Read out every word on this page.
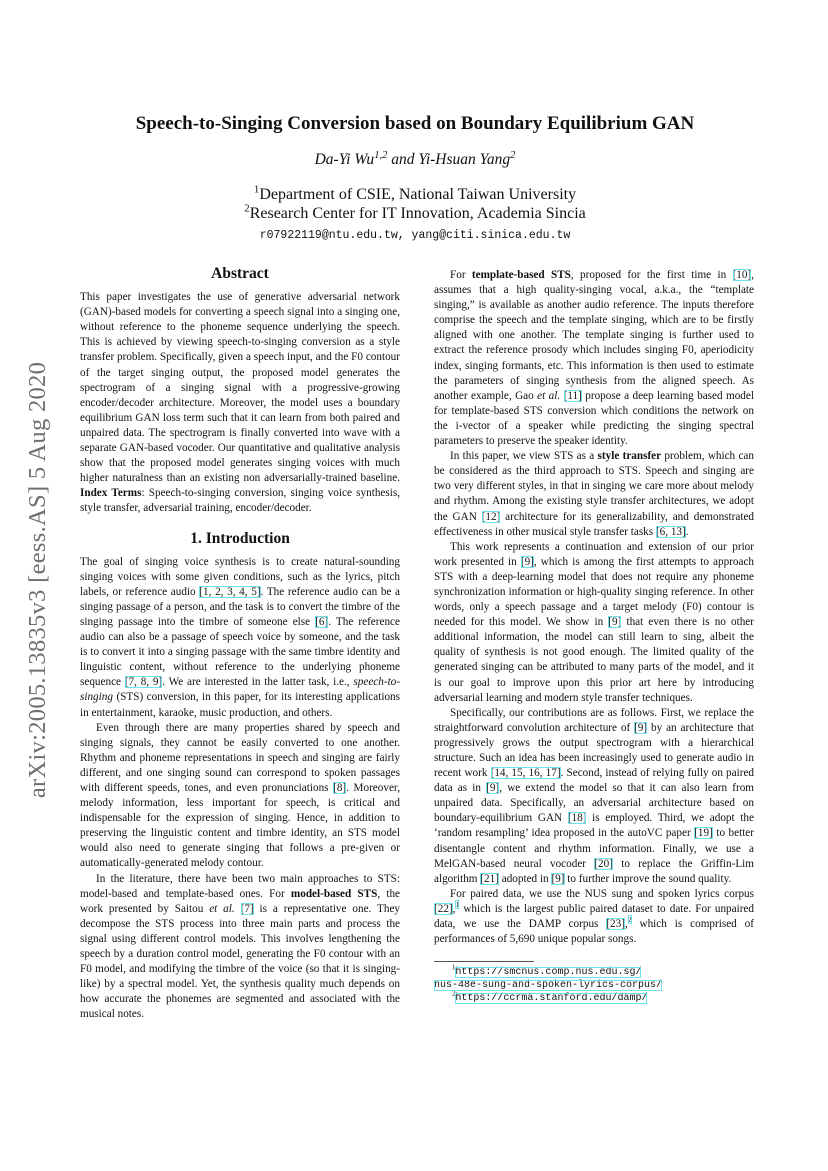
arXiv:2005.13835v3 [eess.AS] 5 Aug 2020
Speech-to-Singing Conversion based on Boundary Equilibrium GAN
Da-Yi Wu$^{1,2}$ and Yi-Hsuan Yang$^2$
$^1$Department of CSIE, National Taiwan University
$^2$Research Center for IT Innovation, Academia Sincia
r07922119@ntu.edu.tw, yang@citi.sinica.edu.tw
Abstract

This paper investigates the use of generative adversarial network (GAN)-based models for converting a speech signal into a singing one, without reference to the phoneme sequence underlying the speech. This is achieved by viewing speech-to-singing conversion as a style transfer problem. Specifically, given a speech input, and the F0 contour of the target singing output, the proposed model generates the spectrogram of a singing signal with a progressive-growing encoder/decoder architecture. Moreover, the model uses a boundary equilibrium GAN loss term such that it can learn from both paired and unpaired data. The spectrogram is finally converted into wave with a separate GAN-based vocoder. Our quantitative and qualitative analysis show that the proposed model generates singing voices with much higher naturalness than an existing non adversarially-trained baseline. Index Terms: Speech-to-singing conversion, singing voice synthesis, style transfer, adversarial training, encoder/decoder.

1. Introduction

The goal of singing voice synthesis is to create natural-sounding singing voices with some given conditions, such as the lyrics, pitch labels, or reference audio [1, 2, 3, 4, 5]. The reference audio can be a singing passage of a person, and the task is to convert the timbre of the singing passage into the timbre of someone else [6]. The reference audio can also be a passage of speech voice by someone, and the task is to convert it into a singing passage with the same timbre identity and linguistic content, without reference to the underlying phoneme sequence [7, 8, 9]. We are interested in the latter task, i.e., speech-to-singing (STS) conversion, in this paper, for its interesting applications in entertainment, karaoke, music production, and others.

Even through there are many properties shared by speech and singing signals, they cannot be easily converted to one another. Rhythm and phoneme representations in speech and singing are fairly different, and one singing sound can correspond to spoken passages with different speeds, tones, and even pronunciations [8]. Moreover, melody information, less important for speech, is critical and indispensable for the expression of singing. Hence, in addition to preserving the linguistic content and timbre identity, an STS model would also need to generate singing that follows a pre-given or automatically-generated melody contour.

In the literature, there have been two main approaches to STS: model-based and template-based ones. For model-based STS, the work presented by Saitou et al. [7] is a representative one. They decompose the STS process into three main parts and process the signal using different control models. This involves lengthening the speech by a duration control model, generating the F0 contour with an F0 model, and modifying the timbre of the voice (so that it is singing-like) by a spectral model. Yet, the synthesis quality much depends on how accurate the phonemes are segmented and associated with the musical notes.

For template-based STS, proposed for the first time in [10], assumes that a high quality-singing vocal, a.k.a., the “template singing,” is available as another audio reference. The inputs therefore comprise the speech and the template singing, which are to be firstly aligned with one another. The template singing is further used to extract the reference prosody which includes singing F0, aperiodicity index, singing formants, etc. This information is then used to estimate the parameters of singing synthesis from the aligned speech. As another example, Gao et al. [11] propose a deep learning based model for template-based STS conversion which conditions the network on the i-vector of a speaker while predicting the singing spectral parameters to preserve the speaker identity.

In this paper, we view STS as a style transfer problem, which can be considered as the third approach to STS. Speech and singing are two very different styles, in that in singing we care more about melody and rhythm. Among the existing style transfer architectures, we adopt the GAN [12] architecture for its generalizability, and demonstrated effectiveness in other musical style transfer tasks [6, 13].

This work represents a continuation and extension of our prior work presented in [9], which is among the first attempts to approach STS with a deep-learning model that does not require any phoneme synchronization information or high-quality singing reference. In other words, only a speech passage and a target melody (F0) contour is needed for this model. We show in [9] that even there is no other additional information, the model can still learn to sing, albeit the quality of synthesis is not good enough. The limited quality of the generated singing can be attributed to many parts of the model, and it is our goal to improve upon this prior art here by introducing adversarial learning and modern style transfer techniques.

Specifically, our contributions are as follows. First, we replace the straightforward convolution architecture of [9] by an architecture that progressively grows the output spectrogram with a hierarchical structure. Such an idea has been increasingly used to generate audio in recent work [14, 15, 16, 17]. Second, instead of relying fully on paired data as in [9], we extend the model so that it can also learn from unpaired data. Specifically, an adversarial architecture based on boundary-equilibrium GAN [18] is employed. Third, we adopt the ‘random resampling’ idea proposed in the autoVC paper [19] to better disentangle content and rhythm information. Finally, we use a MelGAN-based neural vocoder [20] to replace the Griffin-Lim algorithm [21] adopted in [9] to further improve the sound quality.

For paired data, we use the NUS sung and spoken lyrics corpus [22],$^1$ which is the largest public paired dataset to date. For unpaired data, we use the DAMP corpus [23],$^2$ which is comprised of performances of 5,690 unique popular songs.

$^1$https://smcnus.comp.nus.edu.sg/
nus-48e-sung-and-spoken-lyrics-corpus/
$^2$https://ccrma.stanford.edu/damp/
